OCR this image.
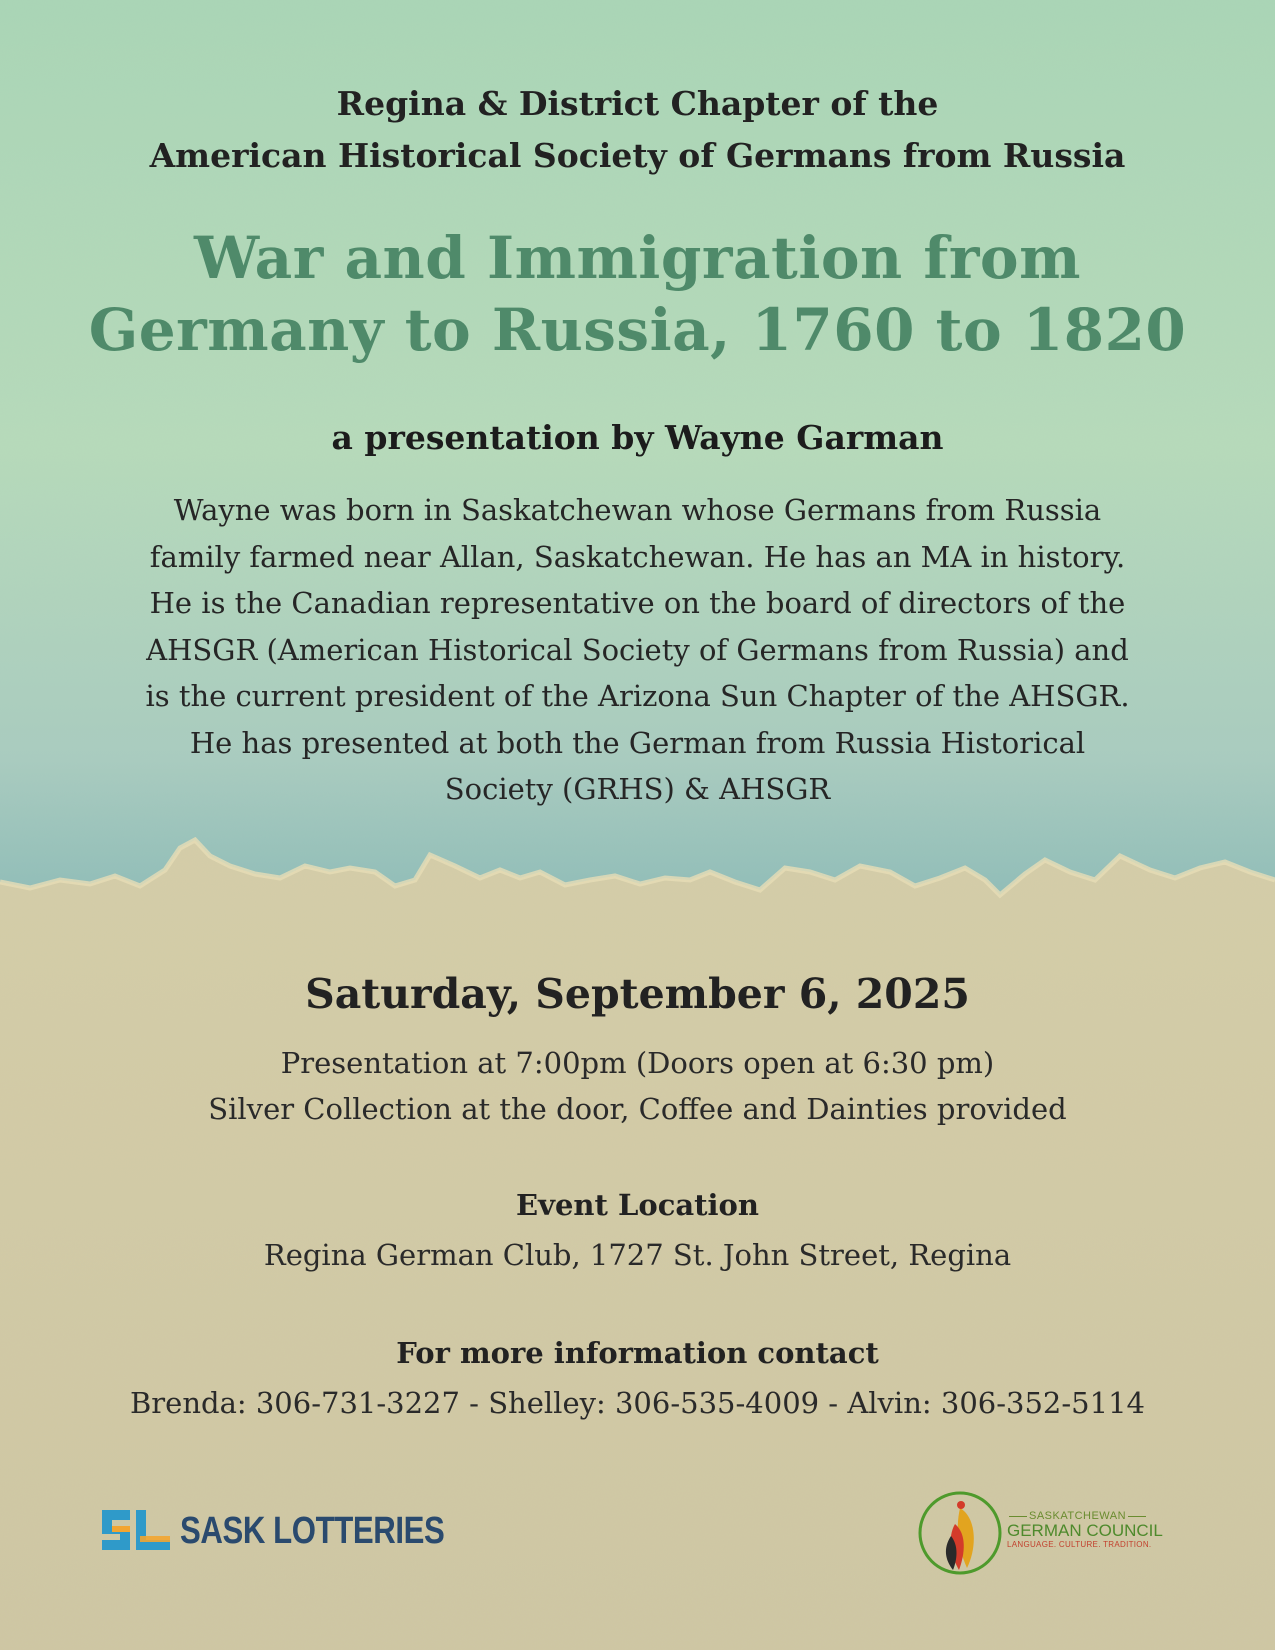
Regina & District Chapter of the
American Historical Society of Germans from Russia
War and Immigration from
Germany to Russia, 1760 to 1820
a presentation by Wayne Garman
Wayne was born in Saskatchewan whose Germans from Russia
family farmed near Allan, Saskatchewan. He has an MA in history.
He is the Canadian representative on the board of directors of the
AHSGR (American Historical Society of Germans from Russia) and
is the current president of the Arizona Sun Chapter of the AHSGR.
He has presented at both the German from Russia Historical
Society (GRHS) & AHSGR
Saturday, September 6, 2025
Presentation at 7:00pm (Doors open at 6:30 pm)
Silver Collection at the door, Coffee and Dainties provided
Event Location
Regina German Club, 1727 St. John Street, Regina
For more information contact
Brenda: 306-731-3227 - Shelley: 306-535-4009 - Alvin: 306-352-5114
SASK LOTTERIES	SASKATCHEWAN
GERMAN COUNCIL
LANGUAGE. CULTURE. TRADITION.
